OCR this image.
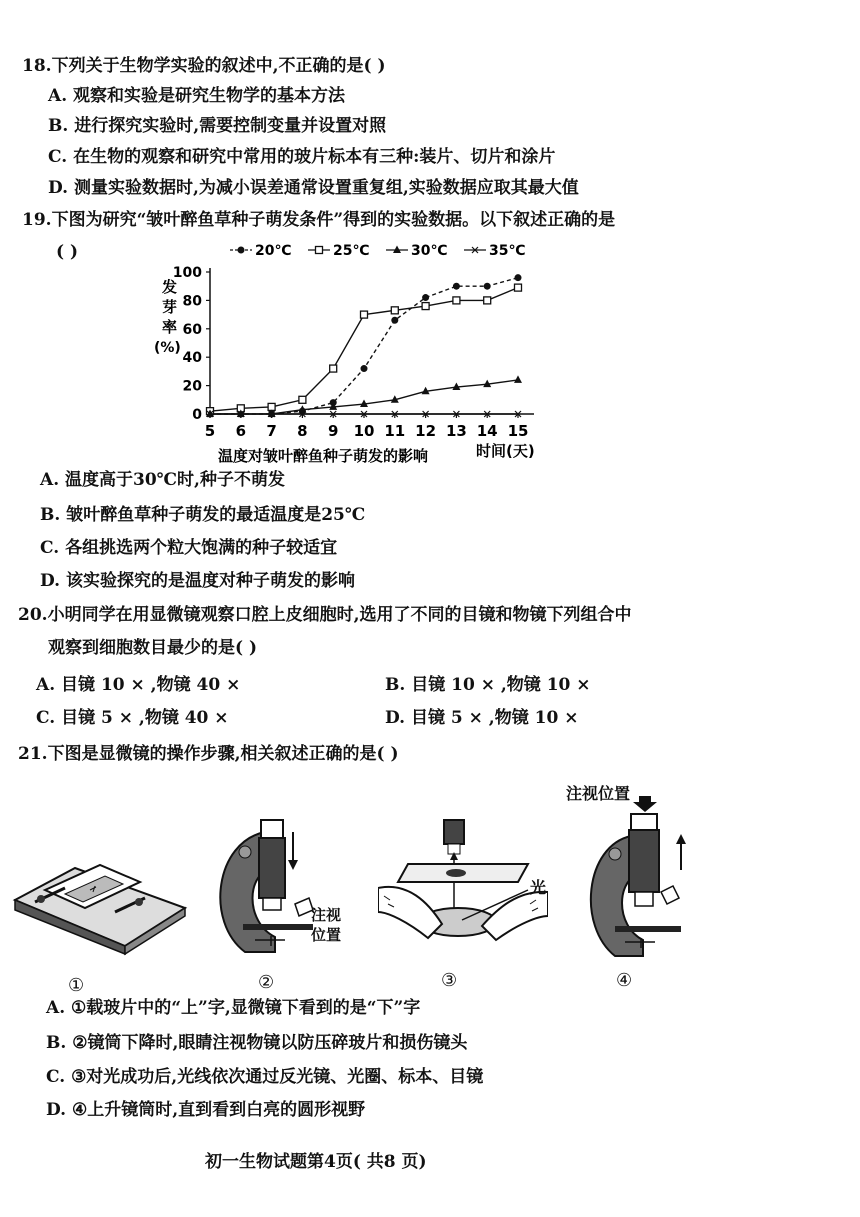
18.下列关于生物学实验的叙述中,不正确的是( )
A. 观察和实验是研究生物学的基本方法
B. 进行探究实验时,需要控制变量并设置对照
C. 在生物的观察和研究中常用的玻片标本有三种:装片、切片和涂片
D. 测量实验数据时,为减小误差通常设置重复组,实验数据应取其最大值
19.下图为研究“皱叶醉鱼草种子萌发条件”得到的实验数据。以下叙述正确的是
( )	20℃	25℃	30℃	35℃
发
芽
率
(%)
0
20
40
60
80
100
5 6 7 8 9 10 11 12 13 14 15
温度对皱叶醉鱼种子萌发的影响	时间(天)
A. 温度高于30℃时,种子不萌发
B. 皱叶醉鱼草种子萌发的最适温度是25℃
C. 各组挑选两个粒大饱满的种子较适宜
D. 该实验探究的是温度对种子萌发的影响
20.小明同学在用显微镜观察口腔上皮细胞时,选用了不同的目镜和物镜下列组合中
观察到细胞数目最少的是( )
A. 目镜 10 × ,物镜 40 ×	B. 目镜 10 × ,物镜 10 ×
C. 目镜 5 × ,物镜 40 ×	D. 目镜 5 × ,物镜 10 ×
21.下图是显微镜的操作步骤,相关叙述正确的是( )
注视
位置
光
注视位置
①	②	③	④
A. ①载玻片中的“上”字,显微镜下看到的是“下”字
B. ②镜筒下降时,眼睛注视物镜以防压碎玻片和损伤镜头
C. ③对光成功后,光线依次通过反光镜、光圈、标本、目镜
D. ④上升镜筒时,直到看到白亮的圆形视野
初一生物试题第4页( 共8 页)
